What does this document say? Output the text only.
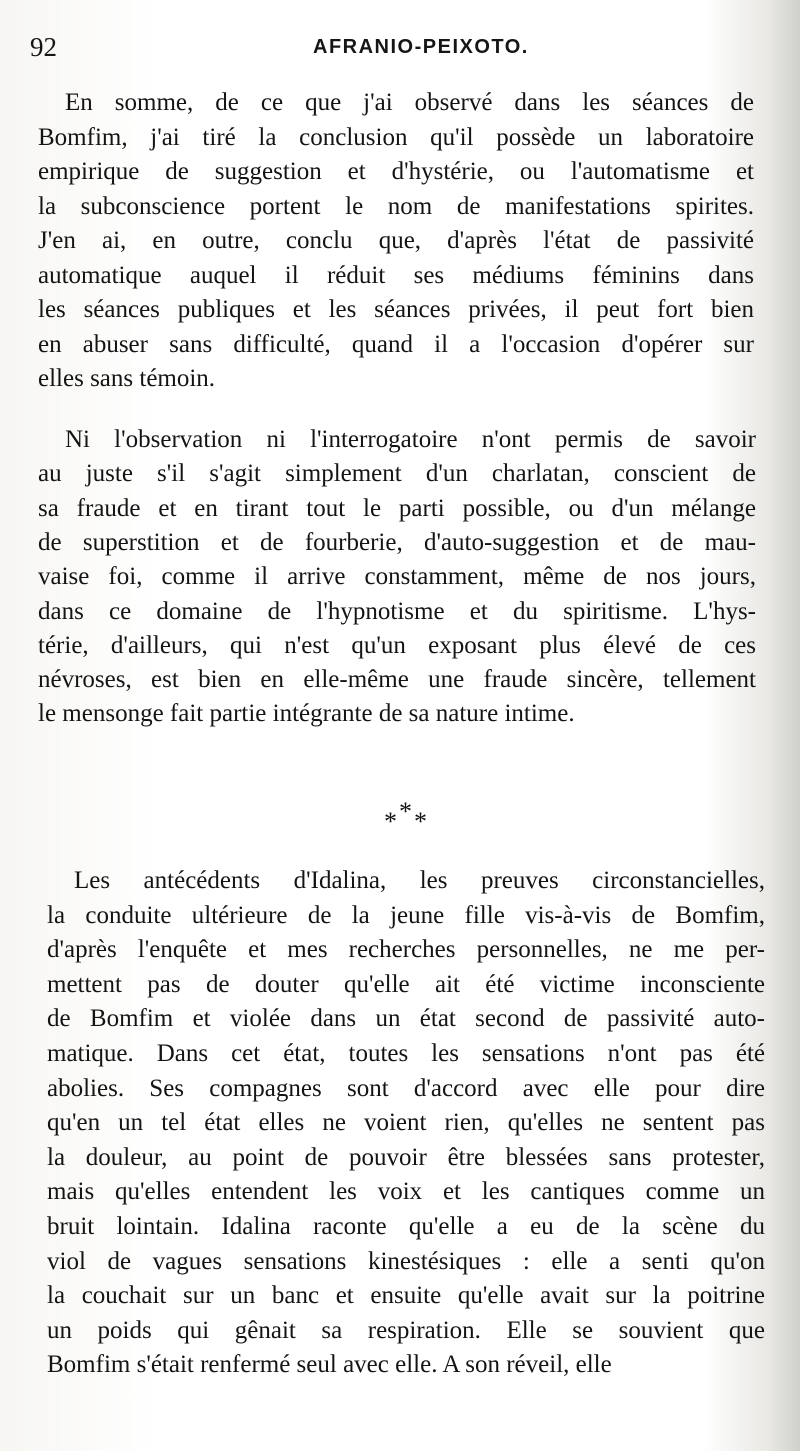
92	AFRANIO-PEIXOTO.

En somme, de ce que j'ai observé dans les séances de

Bomfim, j'ai tiré la conclusion qu'il possède un laboratoire

empirique de suggestion et d'hystérie, ou l'automatisme et

la subconscience portent le nom de manifestations spirites.

J'en ai, en outre, conclu que, d'après l'état de passivité

automatique auquel il réduit ses médiums féminins dans

les séances publiques et les séances privées, il peut fort bien

en abuser sans difficulté, quand il a l'occasion d'opérer sur

elles sans témoin.

Ni l'observation ni l'interrogatoire n'ont permis de savoir

au juste s'il s'agit simplement d'un charlatan, conscient de

sa fraude et en tirant tout le parti possible, ou d'un mélange

de superstition et de fourberie, d'auto-suggestion et de mau-

vaise foi, comme il arrive constamment, même de nos jours,

dans ce domaine de l'hypnotisme et du spiritisme. L'hys-

térie, d'ailleurs, qui n'est qu'un exposant plus élevé de ces

névroses, est bien en elle-même une fraude sincère, tellement

le mensonge fait partie intégrante de sa nature intime.

Les antécédents d'Idalina, les preuves circonstancielles,

la conduite ultérieure de la jeune fille vis-à-vis de Bomfim,

d'après l'enquête et mes recherches personnelles, ne me per-

mettent pas de douter qu'elle ait été victime inconsciente

de Bomfim et violée dans un état second de passivité auto-

matique. Dans cet état, toutes les sensations n'ont pas été

abolies. Ses compagnes sont d'accord avec elle pour dire

qu'en un tel état elles ne voient rien, qu'elles ne sentent pas

la douleur, au point de pouvoir être blessées sans protester,

mais qu'elles entendent les voix et les cantiques comme un

bruit lointain. Idalina raconte qu'elle a eu de la scène du

viol de vagues sensations kinestésiques : elle a senti qu'on

la couchait sur un banc et ensuite qu'elle avait sur la poitrine

un poids qui gênait sa respiration. Elle se souvient que

Bomfim s'était renfermé seul avec elle. A son réveil, elle

*
* *
